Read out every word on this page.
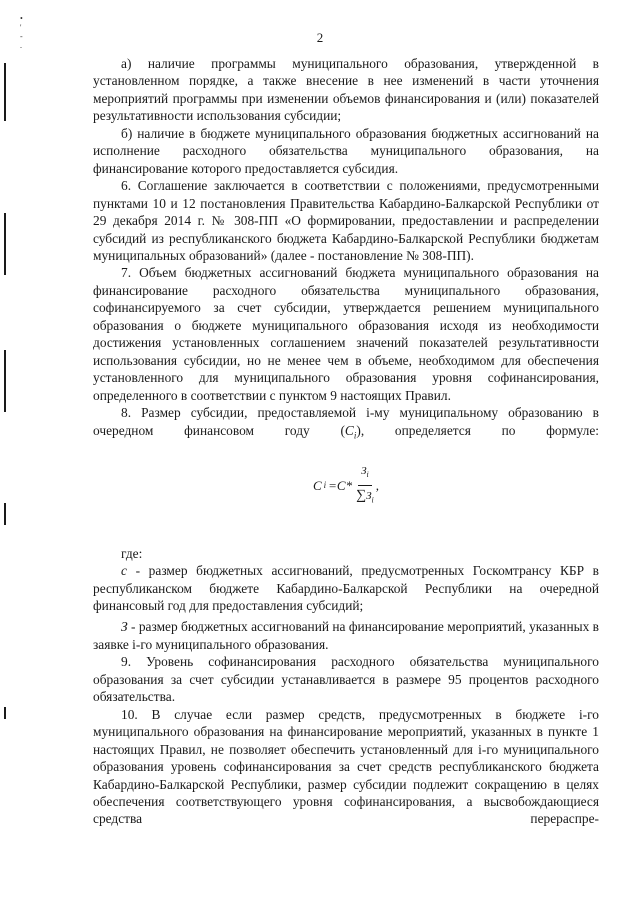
•
'
-
.
2

а) наличие программы муниципального образования, утвержденной в установленном порядке, а также внесение в нее изменений в части уточнения мероприятий программы при изменении объемов финансирования и (или) показателей результативности использования субсидии;

б) наличие в бюджете муниципального образования бюджетных ассигнований на исполнение расходного обязательства муниципального образования, на финансирование которого предоставляется субсидия.

6. Соглашение заключается в соответствии с положениями, предусмотренными пунктами 10 и 12 постановления Правительства Кабардино-Балкарской Республики от 29 декабря 2014 г. № 308-ПП «О формировании, предоставлении и распределении субсидий из республиканского бюджета Кабардино-Балкарской Республики бюджетам муниципальных образований» (далее - постановление № 308-ПП).

7. Объем бюджетных ассигнований бюджета муниципального образования на финансирование расходного обязательства муниципального образования, софинансируемого за счет субсидии, утверждается решением муниципального образования о бюджете муниципального образования исходя из необходимости достижения установленных соглашением значений показателей результативности использования субсидии, но не менее чем в объеме, необходимом для обеспечения установленного для муниципального образования уровня софинансирования, определенного в соответствии с пунктом 9 настоящих Правил.

8. Размер субсидии, предоставляемой i-му муниципальному образованию в очередном финансовом году $(C_i)$, определяется по формуле:

C $i =C* \frac{З_i}{\sum З_i}$ ,

где:

c - размер бюджетных ассигнований, предусмотренных Госкомтрансу КБР в республиканском бюджете Кабардино-Балкарской Республики на очередной финансовый год для предоставления субсидий;

З - размер бюджетных ассигнований на финансирование мероприятий, указанных в заявке i-го муниципального образования.

9. Уровень софинансирования расходного обязательства муниципального образования за счет субсидии устанавливается в размере 95 процентов расходного обязательства.

10. В случае если размер средств, предусмотренных в бюджете i-го муниципального образования на финансирование мероприятий, указанных в пункте 1 настоящих Правил, не позволяет обеспечить установленный для i-го муниципального образования уровень софинансирования за счет средств республиканского бюджета Кабардино-Балкарской Республики, размер субсидии подлежит сокращению в целях обеспечения соответствующего уровня софинансирования, а высвобождающиеся средства перераспре-
